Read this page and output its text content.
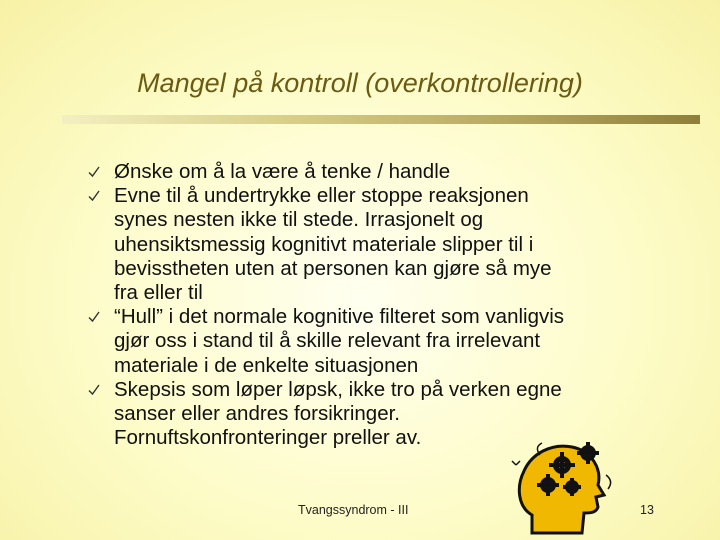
Mangel på kontroll (overkontrollering)
Ønske om å la være å tenke / handle
Evne til å undertrykke eller stoppe reaksjonen
synes nesten ikke til stede. Irrasjonelt og
uhensiktsmessig kognitivt materiale slipper til i
bevisstheten uten at personen kan gjøre så mye
fra eller til
“Hull” i det normale kognitive filteret som vanligvis
gjør oss i stand til å skille relevant fra irrelevant
materiale i de enkelte situasjonen
Skepsis som løper løpsk, ikke tro på verken egne
sanser eller andres forsikringer.
Fornuftskonfronteringer preller av.
Tvangssyndrom - III	13
